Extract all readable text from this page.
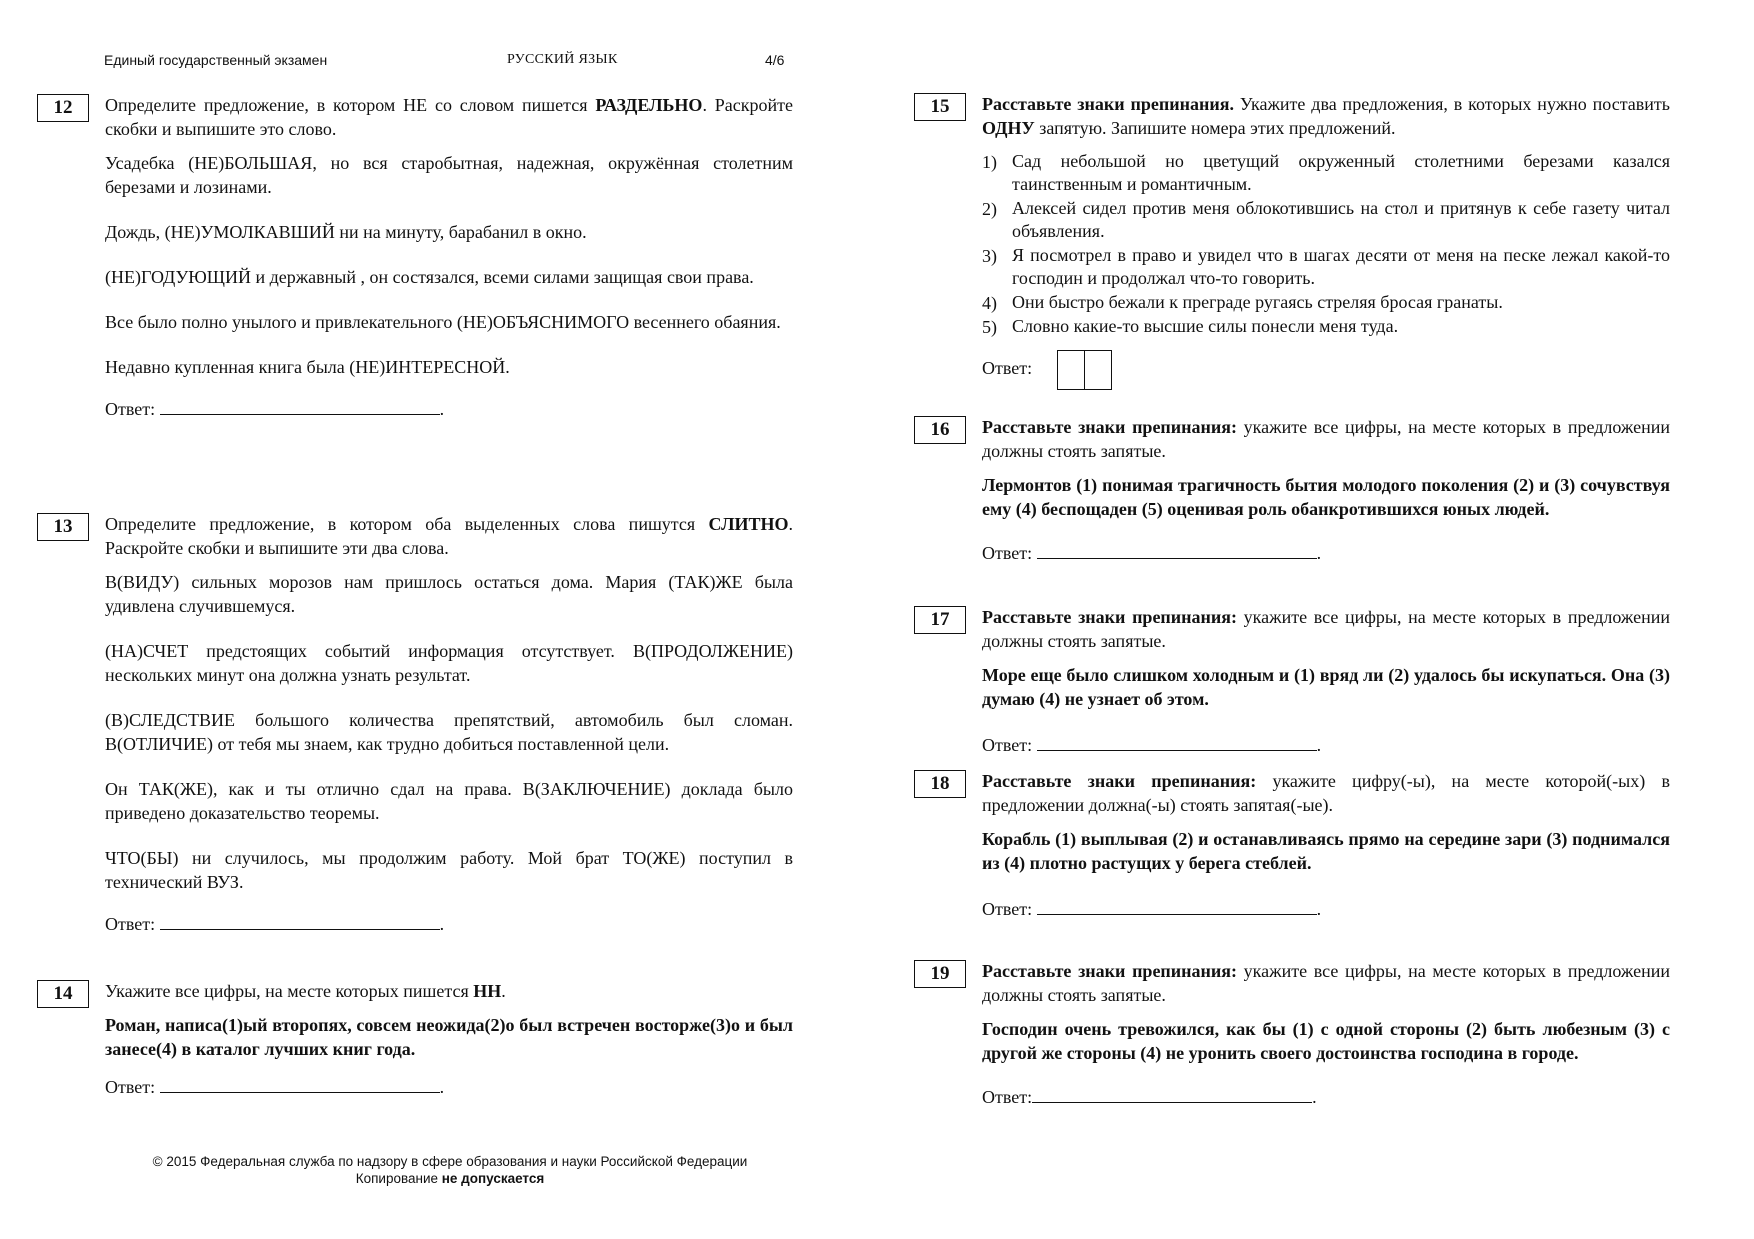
Единый государственный экзамен	РУССКИЙ ЯЗЫК	4/6
12	Определите предложение, в котором НЕ со словом пишется РАЗДЕЛЬНО. Раскройте скобки и выпишите это слово.

Усадебка (НЕ)БОЛЬШАЯ, но вся старобытная, надежная, окружённая столетним березами и лозинами.

Дождь, (НЕ)УМОЛКАВШИЙ ни на минуту, барабанил в окно.

(НЕ)ГОДУЮЩИЙ и державный , он состязался, всеми силами защищая свои права.

Все было полно унылого и привлекательного (НЕ)ОБЪЯСНИМОГО весеннего обаяния.

Недавно купленная книга была (НЕ)ИНТЕРЕСНОЙ.

Ответ:	.
13	Определите предложение, в котором оба выделенных слова пишутся СЛИТНО. Раскройте скобки и выпишите эти два слова.

В(ВИДУ) сильных морозов нам пришлось остаться дома. Мария (ТАК)ЖЕ была удивлена случившемуся.

(НА)СЧЕТ предстоящих событий информация отсутствует. В(ПРОДОЛЖЕНИЕ) нескольких минут она должна узнать результат.

(В)СЛЕДСТВИЕ большого количества препятствий, автомобиль был сломан. В(ОТЛИЧИЕ) от тебя мы знаем, как трудно добиться поставленной цели.

Он ТАК(ЖЕ), как и ты отлично сдал на права. В(ЗАКЛЮЧЕНИЕ) доклада было приведено доказательство теоремы.

ЧТО(БЫ) ни случилось, мы продолжим работу. Мой брат ТО(ЖЕ) поступил в технический ВУЗ.

Ответ:	.
14	Укажите все цифры, на месте которых пишется НН.

Роман, написа(1)ый второпях, совсем неожида(2)о был встречен восторже(3)о и был занесе(4) в каталог лучших книг года.

Ответ:	.
15	Расставьте знаки препинания. Укажите два предложения, в которых нужно поставить ОДНУ запятую. Запишите номера этих предложений.

1) Сад небольшой но цветущий окруженный столетними березами казался таинственным и романтичным.
2) Алексей сидел против меня облокотившись на стол и притянув к себе газету читал объявления.
3) Я посмотрел в право и увидел что в шагах десяти от меня на песке лежал какой-то господин и продолжал что-то говорить.
4) Они быстро бежали к преграде ругаясь стреляя бросая гранаты.
5) Словно какие-то высшие силы понесли меня туда.
Ответ:
16	Расставьте знаки препинания: укажите все цифры, на месте которых в предложении должны стоять запятые.

Лермонтов (1) понимая трагичность бытия молодого поколения (2) и (3) сочувствуя ему (4) беспощаден (5) оценивая роль обанкротившихся юных людей.

Ответ:	.
17	Расставьте знаки препинания: укажите все цифры, на месте которых в предложении должны стоять запятые.

Море еще было слишком холодным и (1) вряд ли (2) удалось бы искупаться. Она (3) думаю (4) не узнает об этом.

Ответ:	.
18	Расставьте знаки препинания: укажите цифру(-ы), на месте которой(-ых) в предложении должна(-ы) стоять запятая(-ые).

Корабль (1) выплывая (2) и останавливаясь прямо на середине зари (3) поднимался из (4) плотно растущих у берега стеблей.

Ответ:	.
19	Расставьте знаки препинания: укажите все цифры, на месте которых в предложении должны стоять запятые.

Господин очень тревожился, как бы (1) с одной стороны (2) быть любезным (3) с другой же стороны (4) не уронить своего достоинства господина в городе.

Ответ:	.
© 2015 Федеральная служба по надзору в сфере образования и науки Российской Федерации
Копирование не допускается
